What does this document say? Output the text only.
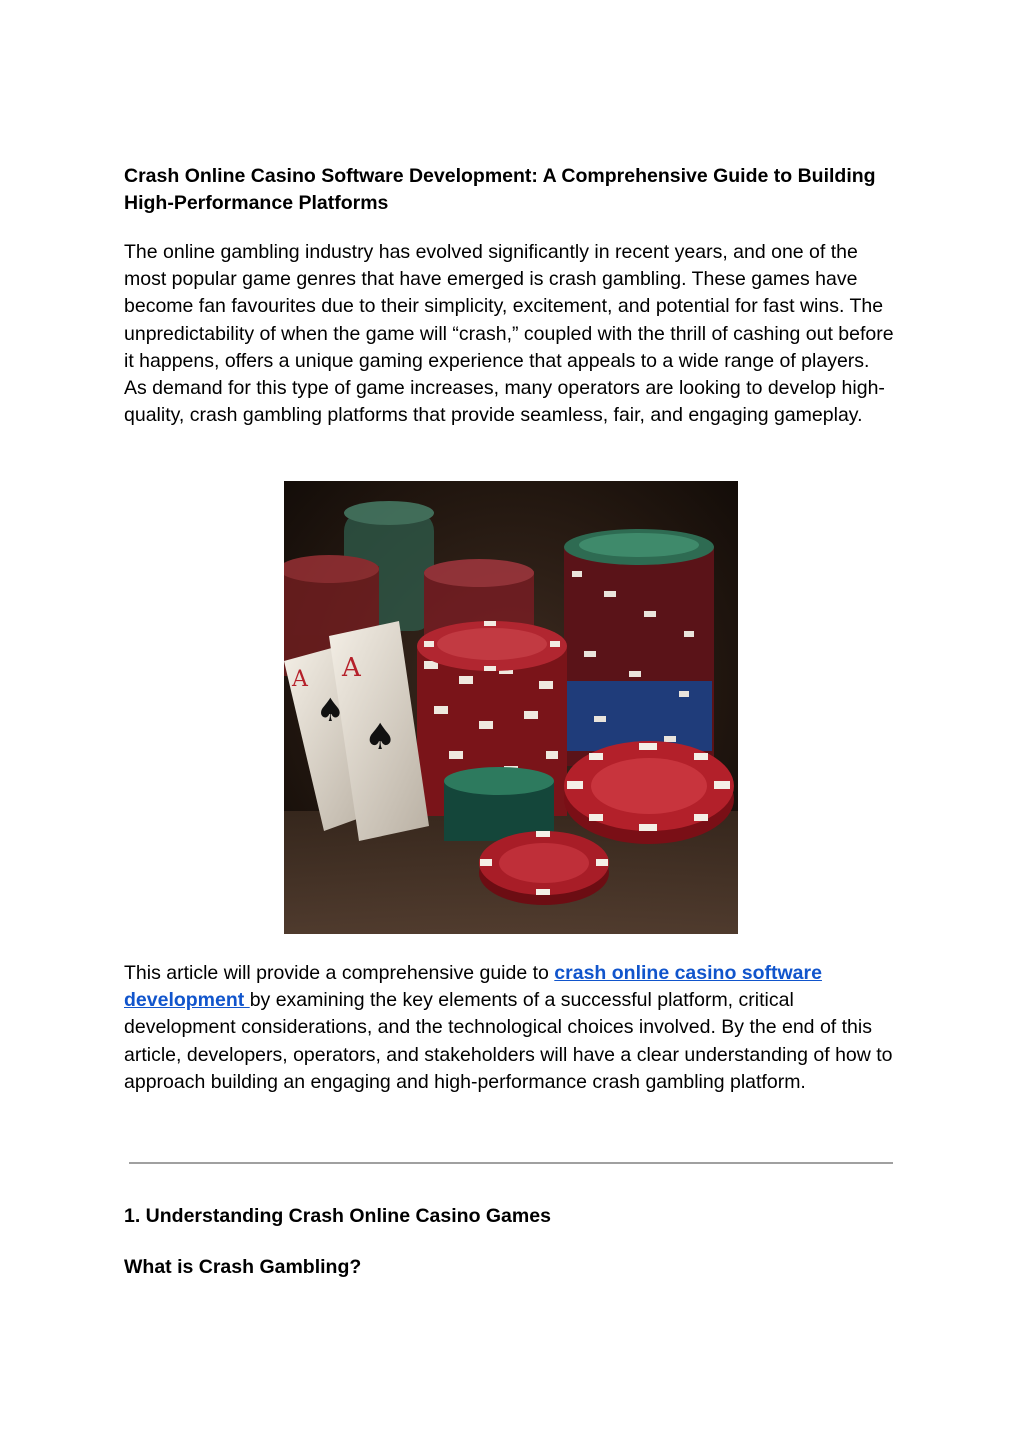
Crash Online Casino Software Development: A Comprehensive Guide to Building High-Performance Platforms

The online gambling industry has evolved significantly in recent years, and one of the most popular game genres that have emerged is crash gambling. These games have become fan favourites due to their simplicity, excitement, and potential for fast wins. The unpredictability of when the game will “crash,” coupled with the thrill of cashing out before it happens, offers a unique gaming experience that appeals to a wide range of players. As demand for this type of game increases, many operators are looking to develop high-quality, crash gambling platforms that provide seamless, fair, and engaging gameplay.

A
A
♠
♠

This article will provide a comprehensive guide to crash online casino software development by examining the key elements of a successful platform, critical development considerations, and the technological choices involved. By the end of this article, developers, operators, and stakeholders will have a clear understanding of how to approach building an engaging and high-performance crash gambling platform.

1. Understanding Crash Online Casino Games
What is Crash Gambling?
